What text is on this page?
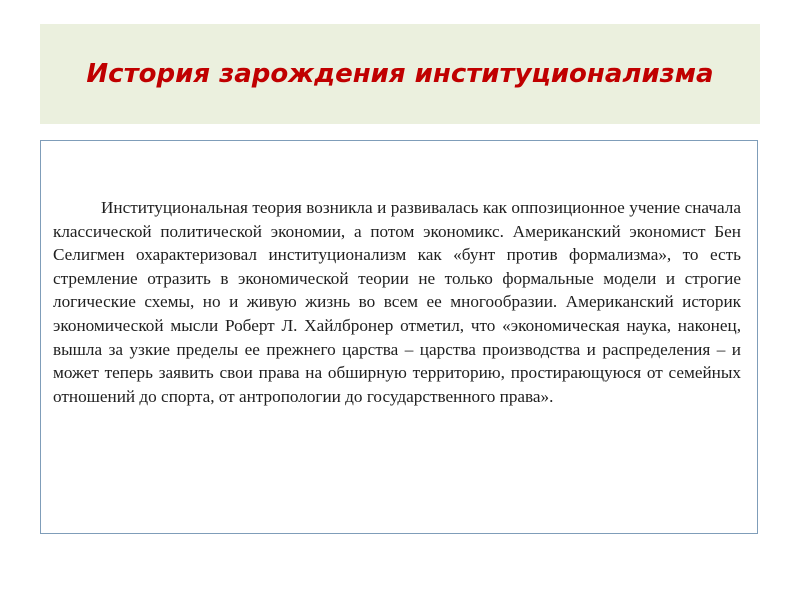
История зарождения институционализма

Институциональная теория возникла и развивалась как оппозиционное учение сначала классической политической экономии, а потом экономикс. Американский экономист Бен Селигмен охарактеризовал институционализм как «бунт против формализма», то есть стремление отразить в экономической теории не только формальные модели и строгие логические схемы, но и живую жизнь во всем ее многообразии. Американский историк экономической мысли Роберт Л. Хайлбронер отметил, что «экономическая наука, наконец, вышла за узкие пределы ее прежнего царства – царства производства и распределения – и может теперь заявить свои права на обширную территорию, простирающуюся от семейных отношений до спорта, от антропологии до государственного права».
